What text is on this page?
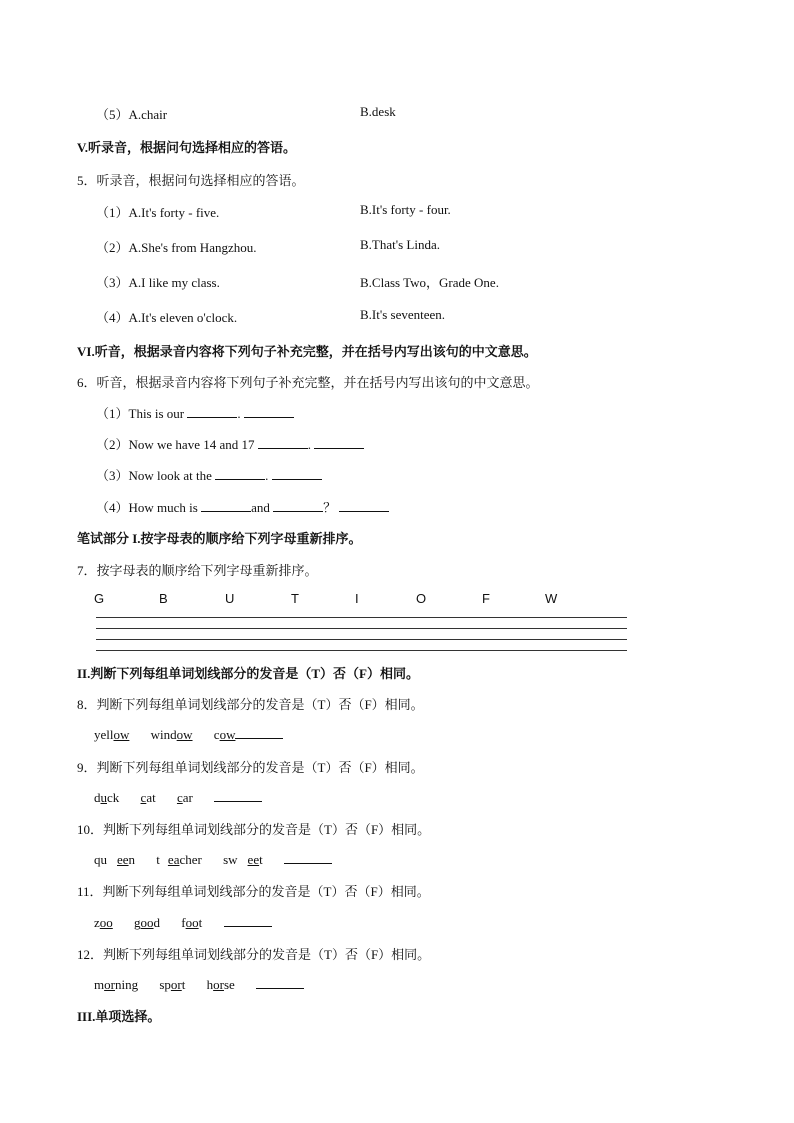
（5）A.chair	B.desk
V.听录音，根据问句选择相应的答语。
5．听录音，根据问句选择相应的答语。
（1）A.It's forty - five.	B.It's forty - four.
（2）A.She's from Hangzhou.	B.That's Linda.
（3）A.I like my class.	B.Class Two，Grade One.
（4）A.It's eleven o'clock.	B.It's seventeen.
VI.听音，根据录音内容将下列句子补充完整，并在括号内写出该句的中文意思。
6．听音，根据录音内容将下列句子补充完整，并在括号内写出该句的中文意思。
（1）This is our	.
（2）Now we have 14 and 17	.
（3）Now look at the	.
（4）How much is	and	？
笔试部分 I.按字母表的顺序给下列字母重新排序。
7．按字母表的顺序给下列字母重新排序。
G	B	U	T	I	O	F	W
II.判断下列每组单词划线部分的发音是（T）否（F）相同。
8．判断下列每组单词划线部分的发音是（T）否（F）相同。
yellow window cow
9．判断下列每组单词划线部分的发音是（T）否（F）相同。
duck cat car
10．判断下列每组单词划线部分的发音是（T）否（F）相同。
qu een t eacher sw eet
11．判断下列每组单词划线部分的发音是（T）否（F）相同。
zoo good foot
12．判断下列每组单词划线部分的发音是（T）否（F）相同。
morning sport horse
III.单项选择。
